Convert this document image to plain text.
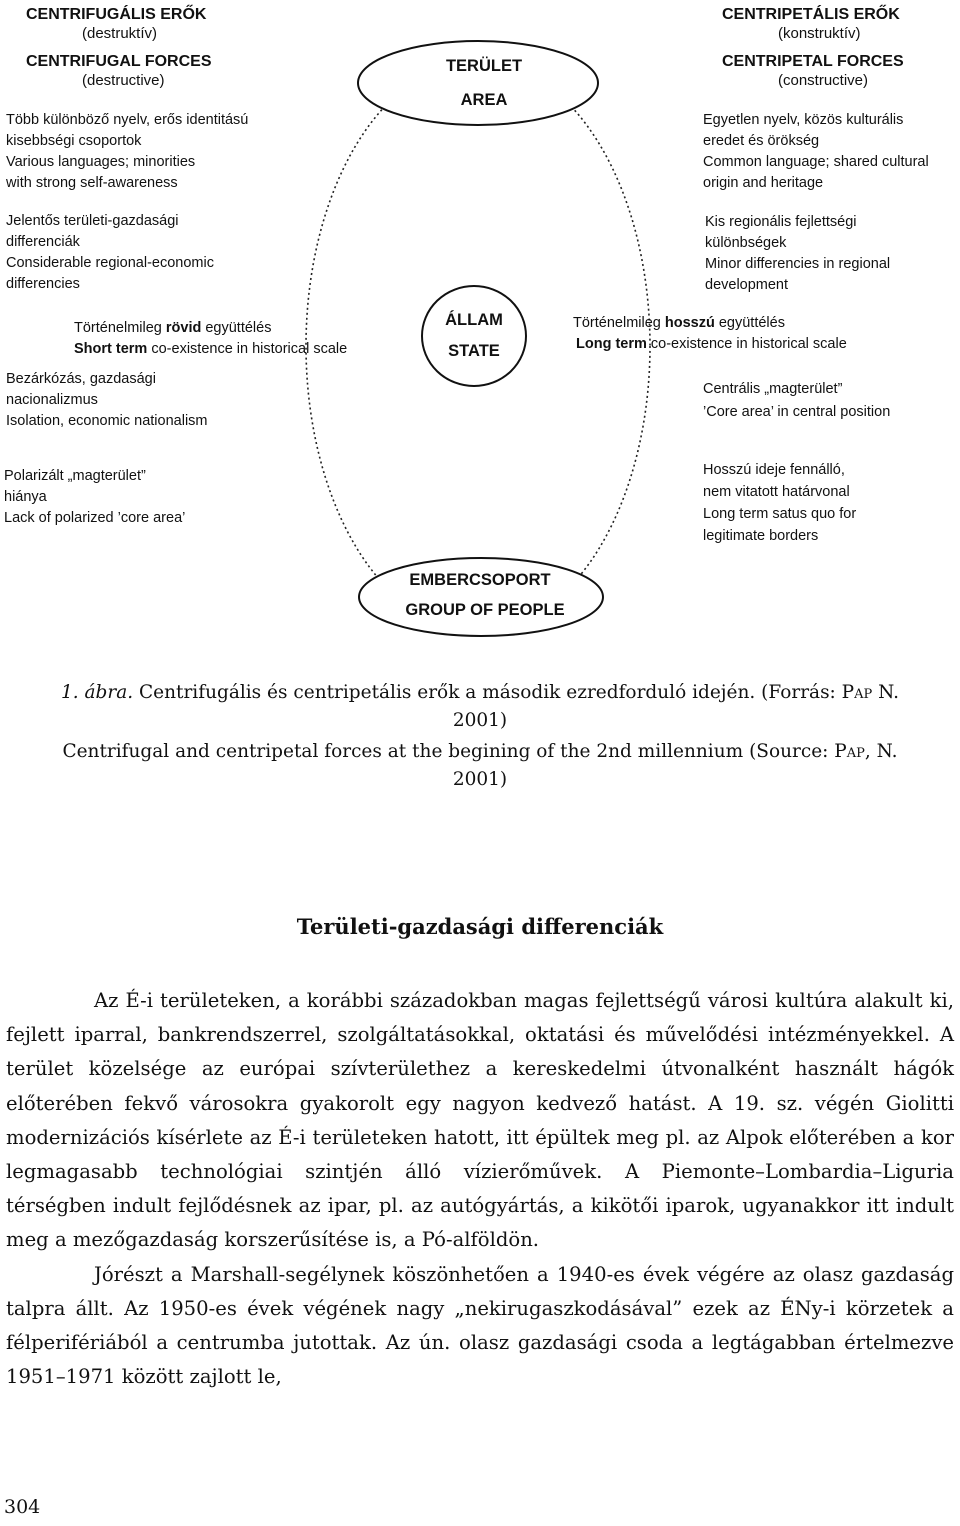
TERÜLET
AREA
ÁLLAM
STATE
EMBERCSOPORT
GROUP OF PEOPLE
CENTRIFUGÁLIS ERŐK
(destruktív)
CENTRIFUGAL FORCES
(destructive)
CENTRIPETÁLIS ERŐK
(konstruktív)
CENTRIPETAL FORCES
(constructive)
Több különböző nyelv, erős identitású
kisebbségi csoportok
Various languages; minorities
with strong self-awareness
Jelentős területi-gazdasági
differenciák
Considerable regional-economic
differencies
Történelmileg rövid együttélés
Short term co-existence in historical scale
Bezárkózás, gazdasági
nacionalizmus
Isolation, economic nationalism
Polarizált „magterület”
hiánya
Lack of polarized ’core area’
Egyetlen nyelv, közös kulturális
eredet és örökség
Common language; shared cultural
origin and heritage
Kis regionális fejlettségi
különbségek
Minor differencies in regional
development
Történelmileg hosszú együttélés
Long term co-existence in historical scale
Centrális „magterület”
’Core area’ in central position
Hosszú ideje fennálló,
nem vitatott határvonal
Long term satus quo for
legitimate borders
1. ábra. Centrifugális és centripetális erők a második ezredforduló idején. (Forrás: Pap N.
2001)
Centrifugal and centripetal forces at the begining of the 2nd millennium (Source: Pap, N.
2001)
Területi-gazdasági differenciák

Az É-i területeken, a korábbi századokban magas fejlettségű városi kultúra alakult ki, fejlett iparral, bankrendszerrel, szolgáltatásokkal, oktatási és művelődési intézményekkel. A terület közelsége az európai szívterülethez a kereskedelmi útvonalként használt hágók előterében fekvő városokra gyakorolt egy nagyon kedvező hatást. A 19. sz. végén Giolitti modernizációs kísérlete az É-i területeken hatott, itt épültek meg pl. az Alpok előterében a kor legmagasabb technológiai szintjén álló vízierőművek. A Piemonte–Lombardia–Liguria térségben indult fejlődésnek az ipar, pl. az autógyártás, a kikötői iparok, ugyanakkor itt indult meg a mezőgazdaság korszerűsítése is, a Pó-alföldön.

Jórészt a Marshall-segélynek köszönhetően a 1940-es évek végére az olasz gazdaság talpra állt. Az 1950-es évek végének nagy „nekirugaszkodásával” ezek az ÉNy-i körzetek a félperifériából a centrumba jutottak. Az ún. olasz gazdasági csoda a legtágabban értelmezve 1951–1971 között zajlott le,

304
